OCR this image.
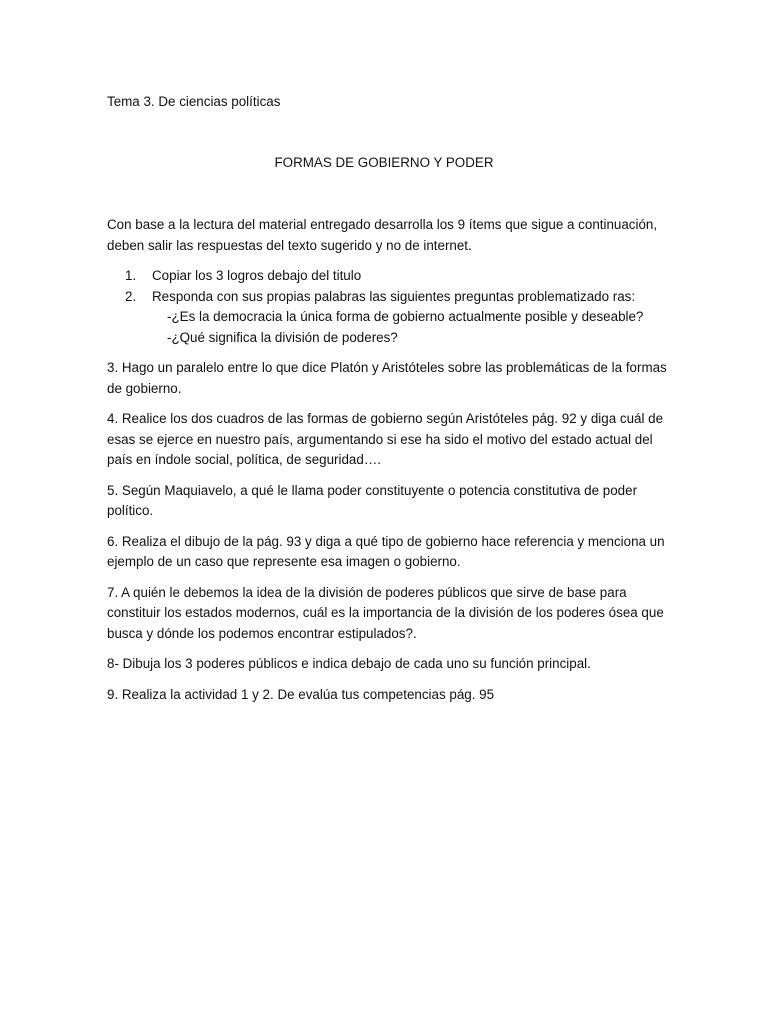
Tema 3. De ciencias políticas
FORMAS DE GOBIERNO Y PODER
Con base a la lectura del material entregado desarrolla los 9 ítems que sigue a continuación, deben salir las respuestas del texto sugerido y no de internet.
1.	Copiar los 3 logros debajo del titulo
2.	Responda con sus propias palabras las siguientes preguntas problematizado ras:
-¿Es la democracia la única forma de gobierno actualmente posible y deseable?
-¿Qué significa la división de poderes?

3. Hago un paralelo entre lo que dice Platón y Aristóteles sobre las problemáticas de la formas de gobierno.

4. Realice los dos cuadros de las formas de gobierno según Aristóteles pág. 92 y diga cuál de esas se ejerce en nuestro país, argumentando si ese ha sido el motivo del estado actual del país en índole social, política, de seguridad….

5. Según Maquiavelo, a qué le llama poder constituyente o potencia constitutiva de poder político.

6. Realiza el dibujo de la pág. 93 y diga a qué tipo de gobierno hace referencia y menciona un ejemplo de un caso que represente esa imagen o gobierno.

7. A quién le debemos la idea de la división de poderes públicos que sirve de base para constituir los estados modernos, cuál es la importancia de la división de los poderes ósea que busca y dónde los podemos encontrar estipulados?.

8- Dibuja los 3 poderes públicos e indica debajo de cada uno su función principal.

9. Realiza la actividad 1 y 2. De evalúa tus competencias pág. 95
